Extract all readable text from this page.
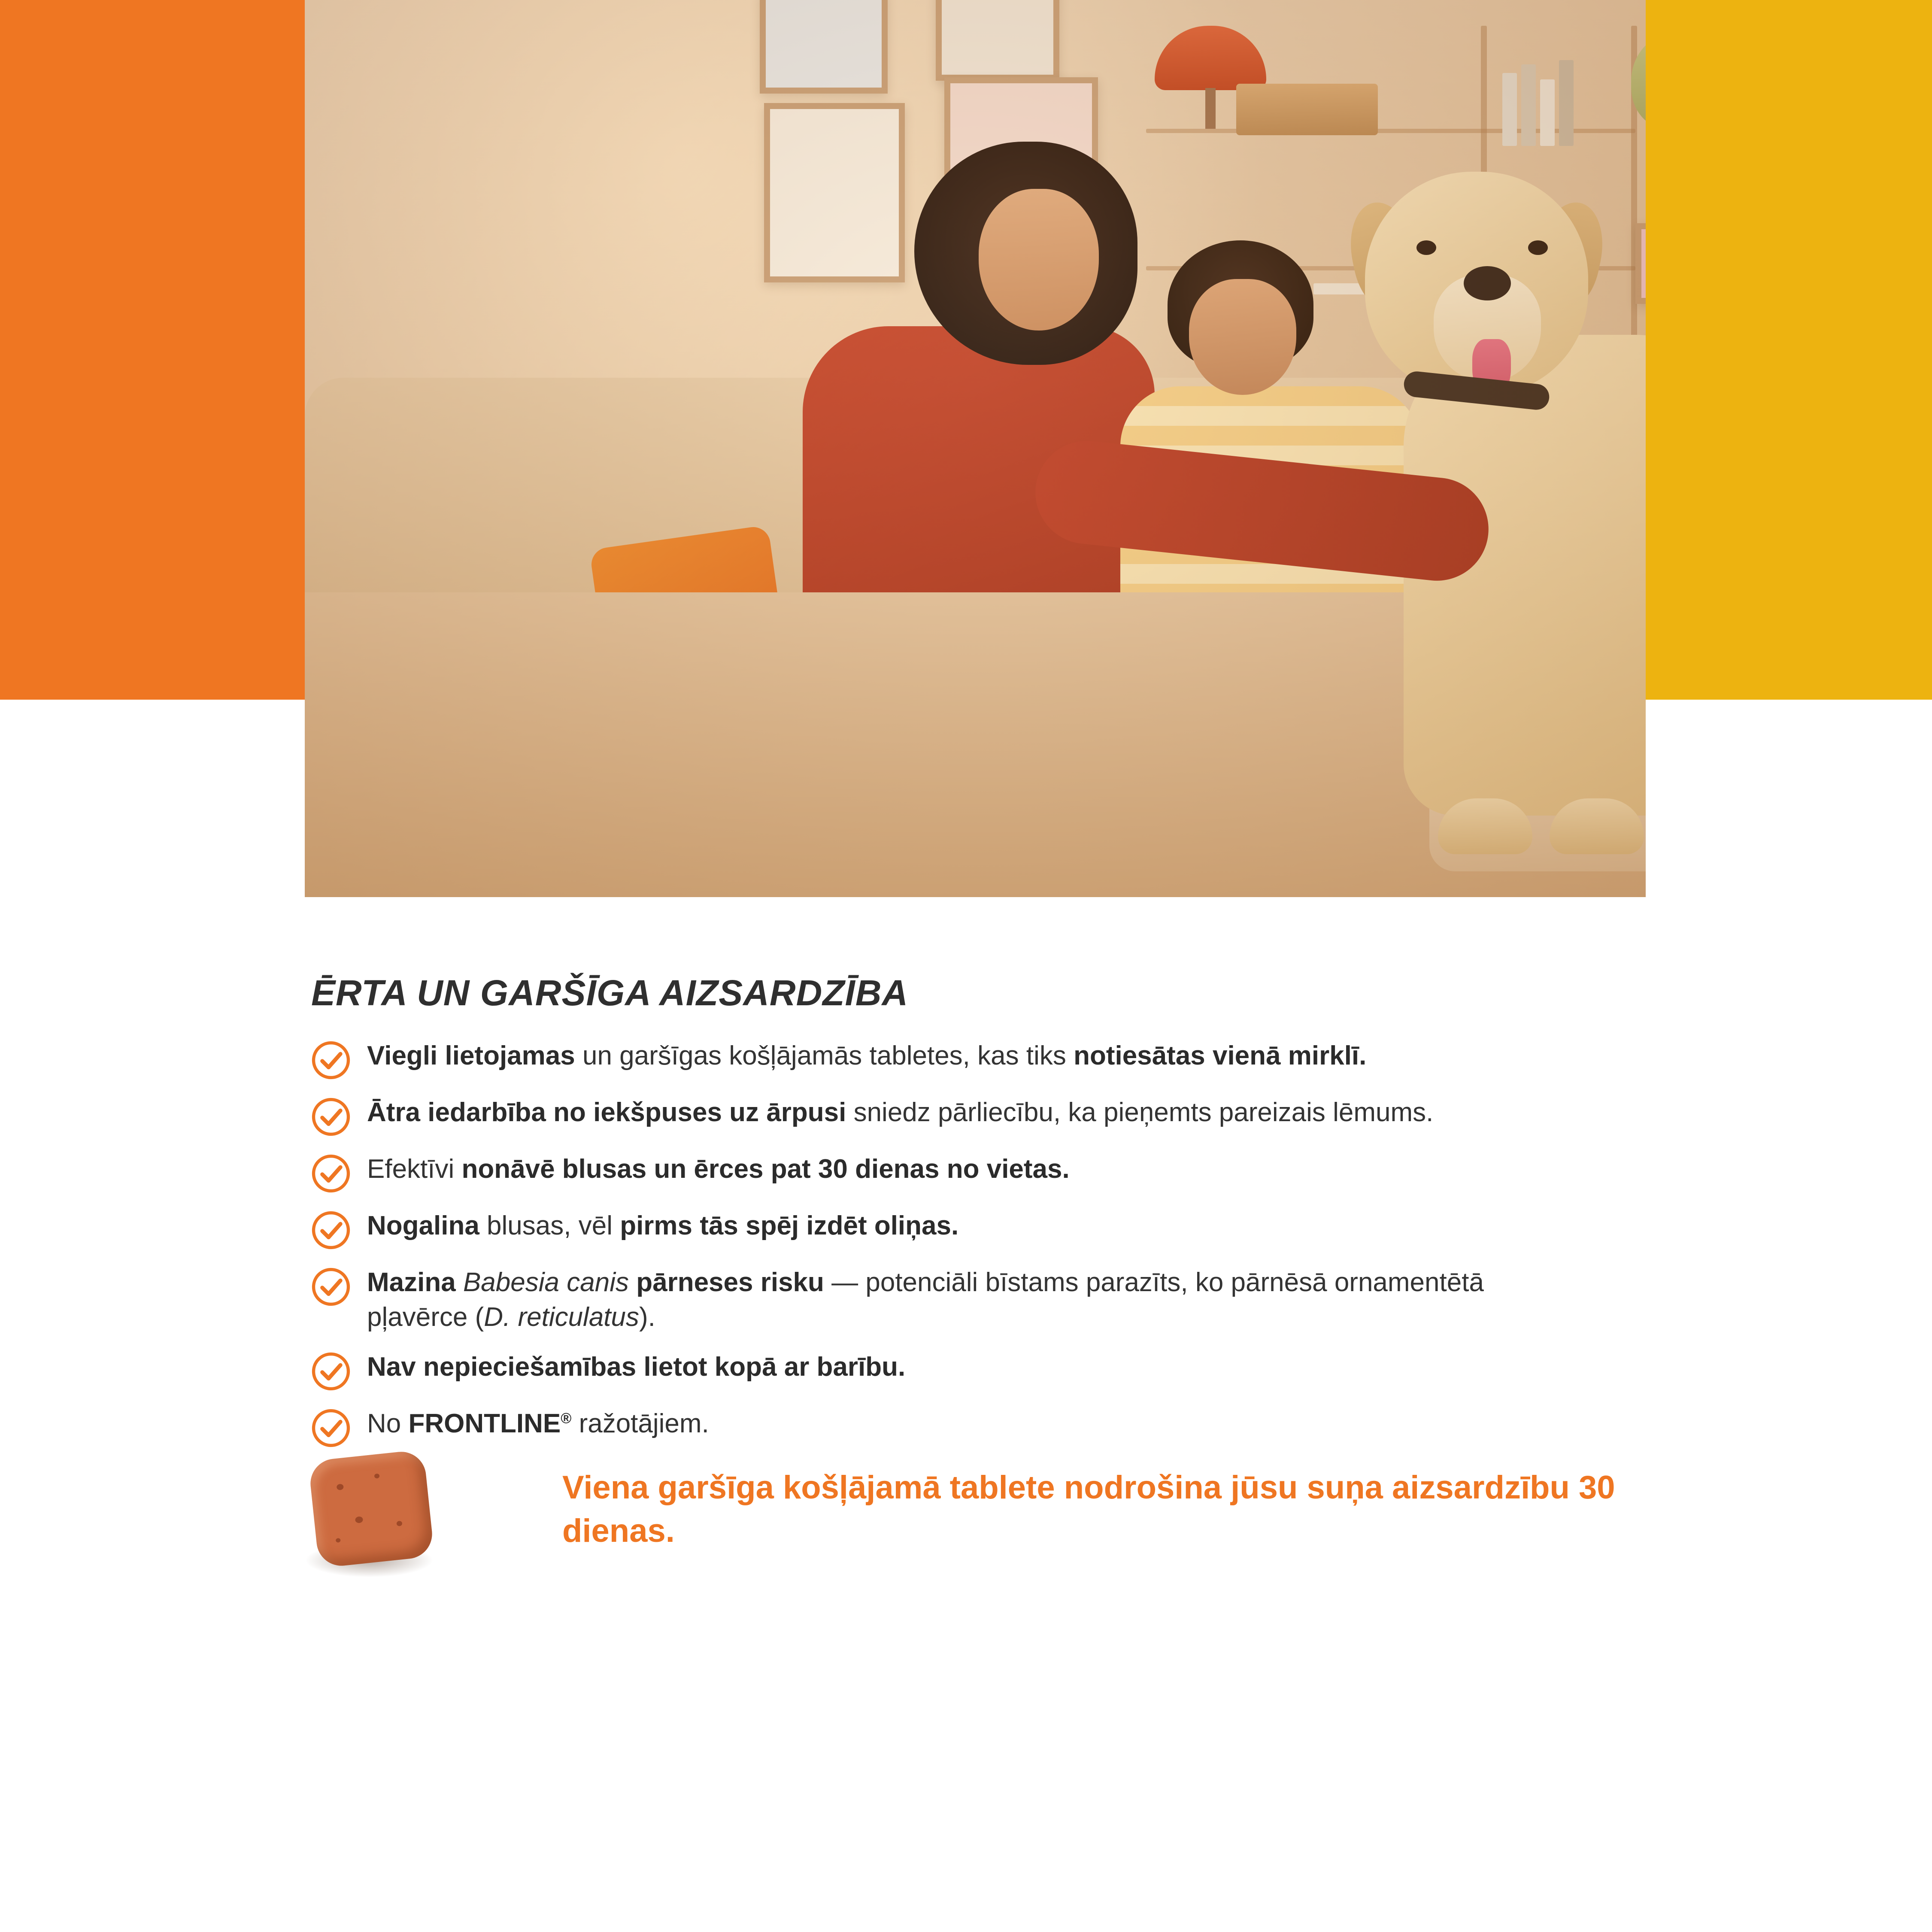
ĒRTA UN GARŠĪGA AIZSARDZĪBA
Viegli lietojamas un garšīgas košļājamās tabletes, kas tiks notiesātas vienā mirklī.
Ātra iedarbība no iekšpuses uz ārpusi sniedz pārliecību, ka pieņemts pareizais lēmums.
Efektīvi nonāvē blusas un ērces pat 30 dienas no vietas.
Nogalina blusas, vēl pirms tās spēj izdēt oliņas.
Mazina Babesia canis pārneses risku — potenciāli bīstams parazīts, ko pārnēsā ornamentētā pļavērce (D. reticulatus).
Nav nepieciešamības lietot kopā ar barību.
No FRONTLINE® ražotājiem.
Viena garšīga košļājamā tablete nodrošina jūsu suņa aizsardzību 30 dienas.
